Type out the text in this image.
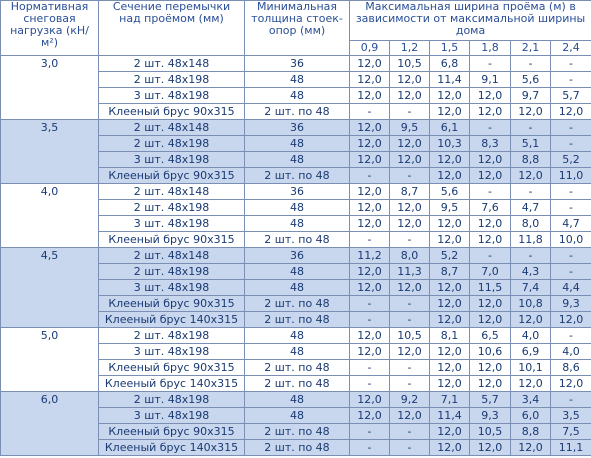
Нормативная снеговая нагрузка (кН/м²)	Сечение перемычки над проёмом (мм)	Минимальная толщина стоек-опор (мм)	Максимальная ширина проёма (м) в зависимости от максимальной ширины дома					
			0,9	1,2	1,5	1,8	2,1	2,4
3,0	2 шт. 48x148	36	12,0	10,5	6,8	-	-	-
	2 шт. 48x198	48	12,0	12,0	11,4	9,1	5,6	-
	3 шт. 48x198	48	12,0	12,0	12,0	12,0	9,7	5,7
	Клееный брус 90x315	2 шт. по 48	-	-	12,0	12,0	12,0	12,0
3,5	2 шт. 48x148	36	12,0	9,5	6,1	-	-	-
	2 шт. 48x198	48	12,0	12,0	10,3	8,3	5,1	-
	3 шт. 48x198	48	12,0	12,0	12,0	12,0	8,8	5,2
	Клееный брус 90x315	2 шт. по 48	-	-	12,0	12,0	12,0	11,0
4,0	2 шт. 48x148	36	12,0	8,7	5,6	-	-	-
	2 шт. 48x198	48	12,0	12,0	9,5	7,6	4,7	-
	3 шт. 48x198	48	12,0	12,0	12,0	12,0	8,0	4,7
	Клееный брус 90x315	2 шт. по 48	-	-	12,0	12,0	11,8	10,0
4,5	2 шт. 48x148	36	11,2	8,0	5,2	-	-	-
	2 шт. 48x198	48	12,0	11,3	8,7	7,0	4,3	-
	3 шт. 48x198	48	12,0	12,0	12,0	11,5	7,4	4,4
	Клееный брус 90x315	2 шт. по 48	-	-	12,0	12,0	10,8	9,3
	Клееный брус 140x315	2 шт. по 48	-	-	12,0	12,0	12,0	12,0
5,0	2 шт. 48x198	48	12,0	10,5	8,1	6,5	4,0	-
	3 шт. 48x198	48	12,0	12,0	12,0	10,6	6,9	4,0
	Клееный брус 90x315	2 шт. по 48	-	-	12,0	12,0	10,1	8,6
	Клееный брус 140x315	2 шт. по 48	-	-	12,0	12,0	12,0	12,0
6,0	2 шт. 48x198	48	12,0	9,2	7,1	5,7	3,4	-
	3 шт. 48x198	48	12,0	12,0	11,4	9,3	6,0	3,5
	Клееный брус 90x315	2 шт. по 48	-	-	12,0	10,5	8,8	7,5
	Клееный брус 140x315	2 шт. по 48	-	-	12,0	12,0	12,0	11,1
